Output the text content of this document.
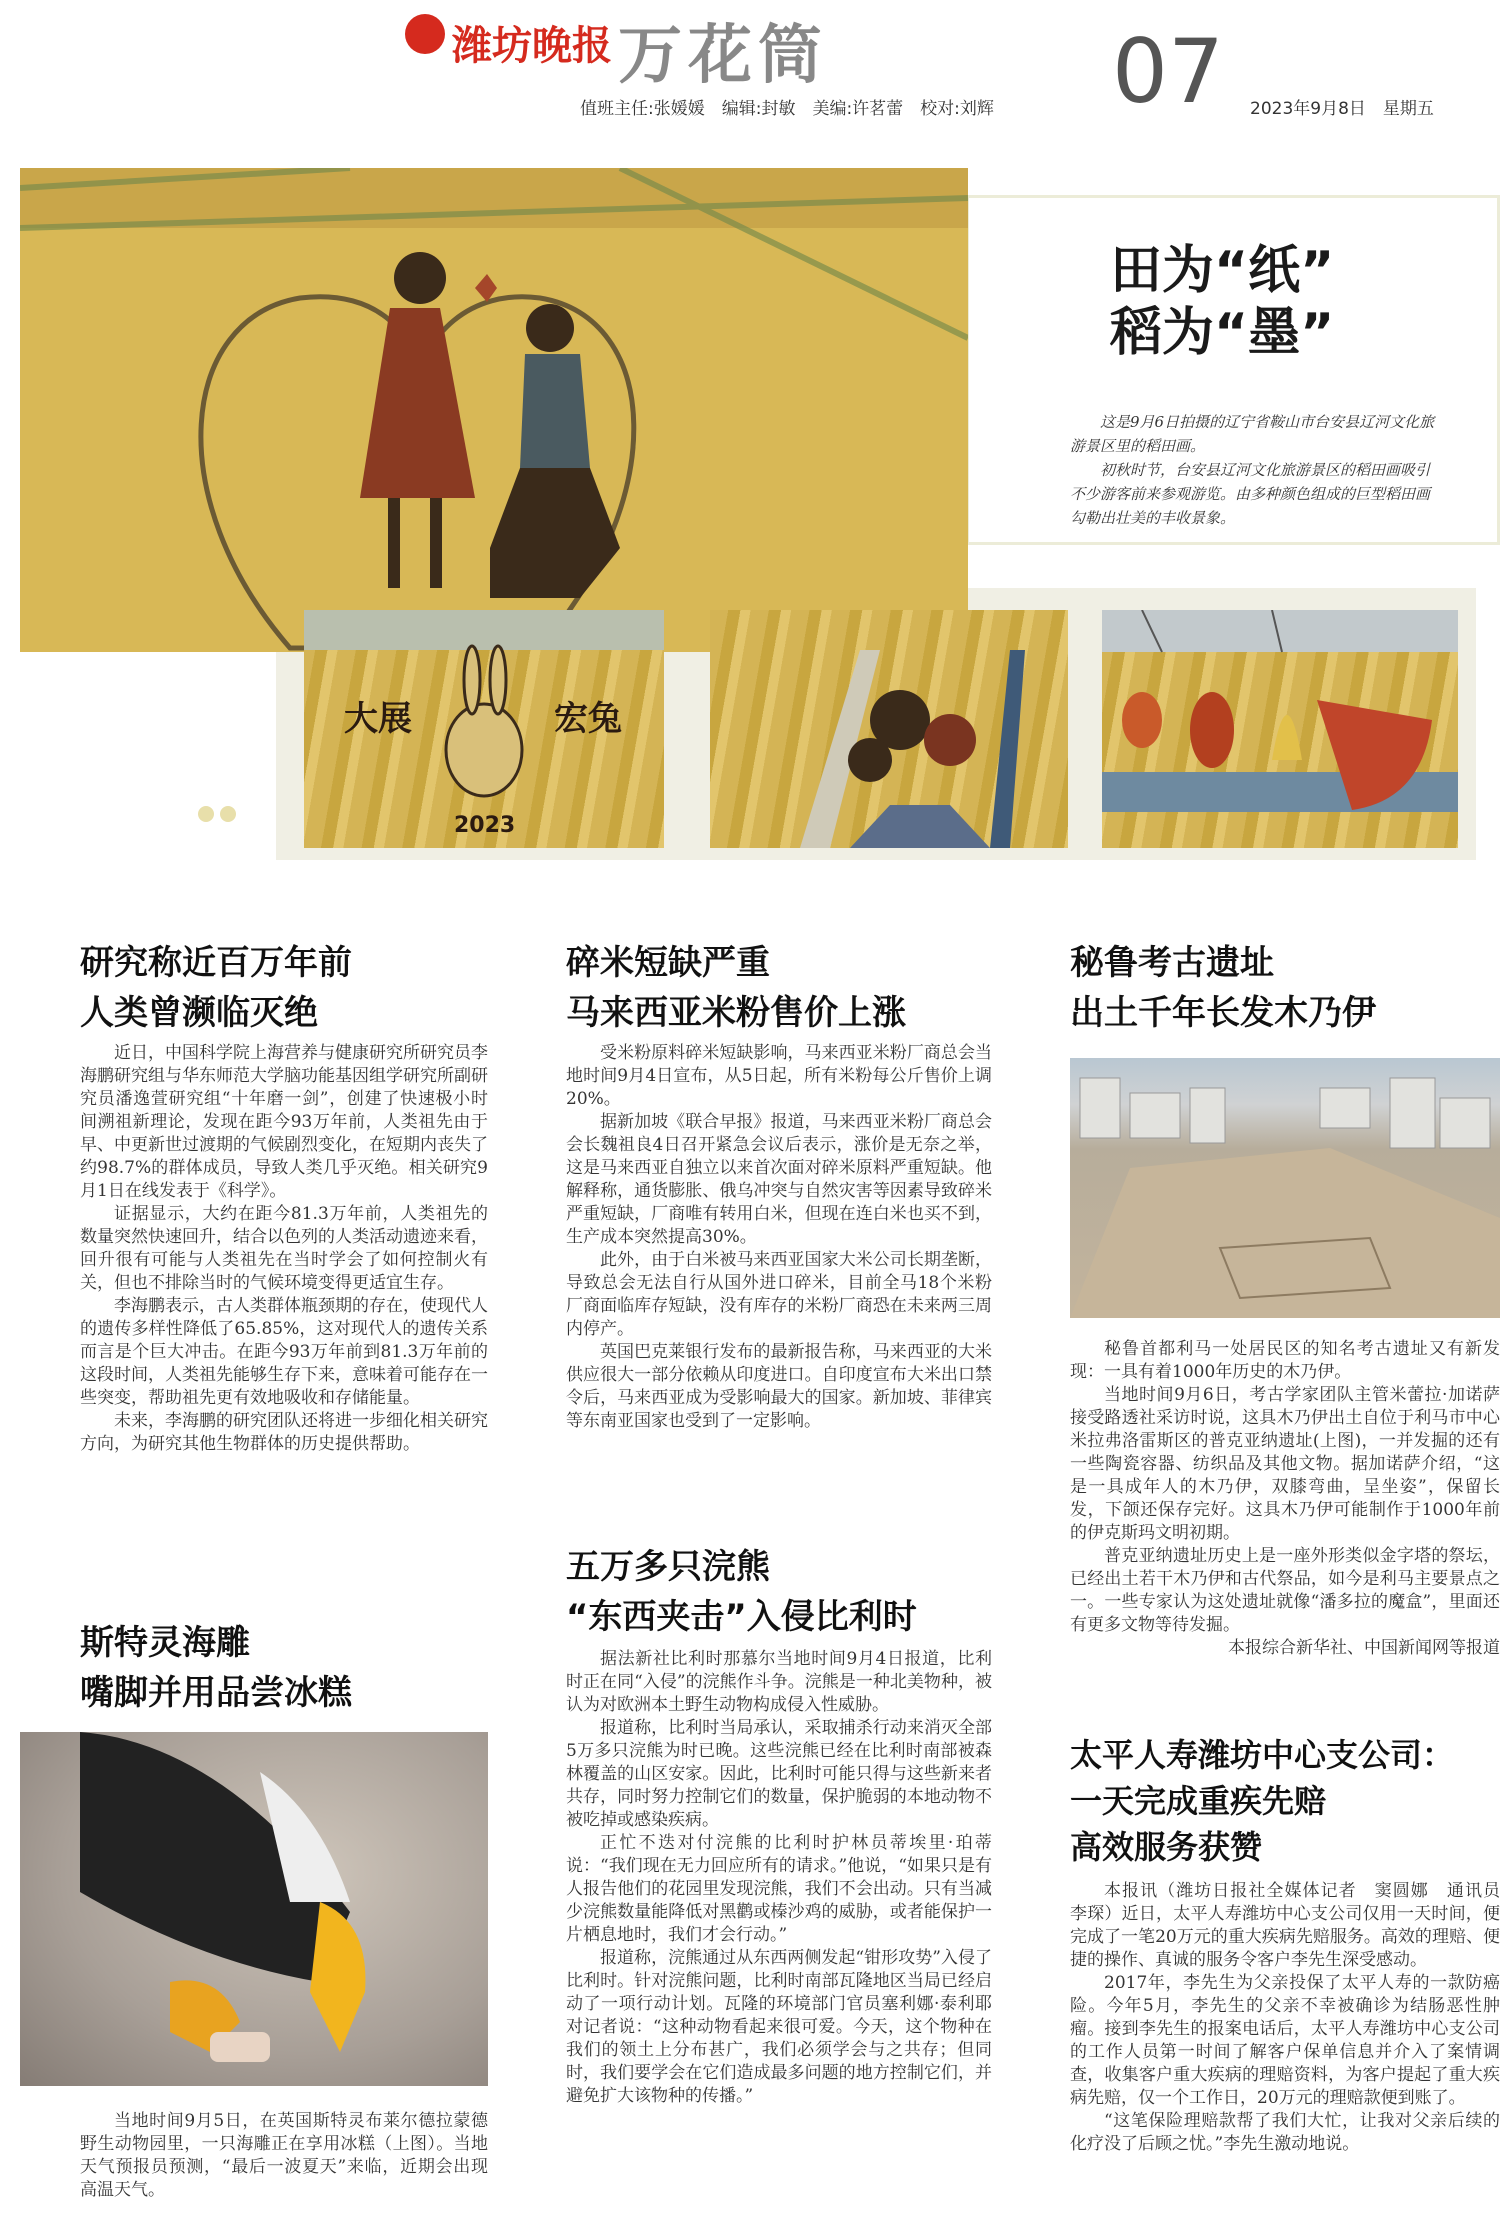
潍坊晚报 万花筒
值班主任:张媛媛　编辑:封敏　美编:许茗蕾　校对:刘辉 07 2023年9月8日　星期五
田为“纸”
稻为“墨”

这是9月6日拍摄的辽宁省鞍山市台安县辽河文化旅游景区里的稻田画。

初秋时节，台安县辽河文化旅游景区的稻田画吸引不少游客前来参观游览。由多种颜色组成的巨型稻田画勾勒出壮美的丰收景象。

大展	宏兔
2023
研究称近百万年前
人类曾濒临灭绝

近日，中国科学院上海营养与健康研究所研究员李海鹏研究组与华东师范大学脑功能基因组学研究所副研究员潘逸萱研究组“十年磨一剑”，创建了快速极小时间溯祖新理论，发现在距今93万年前，人类祖先由于早、中更新世过渡期的气候剧烈变化，在短期内丧失了约98.7%的群体成员，导致人类几乎灭绝。相关研究9月1日在线发表于《科学》。

证据显示，大约在距今81.3万年前，人类祖先的数量突然快速回升，结合以色列的人类活动遗迹来看，回升很有可能与人类祖先在当时学会了如何控制火有关，但也不排除当时的气候环境变得更适宜生存。

李海鹏表示，古人类群体瓶颈期的存在，使现代人的遗传多样性降低了65.85%，这对现代人的遗传关系而言是个巨大冲击。在距今93万年前到81.3万年前的这段时间，人类祖先能够生存下来，意味着可能存在一些突变，帮助祖先更有效地吸收和存储能量。

未来，李海鹏的研究团队还将进一步细化相关研究方向，为研究其他生物群体的历史提供帮助。

斯特灵海雕
嘴脚并用品尝冰糕

当地时间9月5日，在英国斯特灵布莱尔德拉蒙德野生动物园里，一只海雕正在享用冰糕（上图）。当地天气预报员预测，“最后一波夏天”来临，近期会出现高温天气。

碎米短缺严重
马来西亚米粉售价上涨

受米粉原料碎米短缺影响，马来西亚米粉厂商总会当地时间9月4日宣布，从5日起，所有米粉每公斤售价上调20%。

据新加坡《联合早报》报道，马来西亚米粉厂商总会会长魏祖良4日召开紧急会议后表示，涨价是无奈之举，这是马来西亚自独立以来首次面对碎米原料严重短缺。他解释称，通货膨胀、俄乌冲突与自然灾害等因素导致碎米严重短缺，厂商唯有转用白米，但现在连白米也买不到，生产成本突然提高30%。

此外，由于白米被马来西亚国家大米公司长期垄断，导致总会无法自行从国外进口碎米，目前全马18个米粉厂商面临库存短缺，没有库存的米粉厂商恐在未来两三周内停产。

英国巴克莱银行发布的最新报告称，马来西亚的大米供应很大一部分依赖从印度进口。自印度宣布大米出口禁令后，马来西亚成为受影响最大的国家。新加坡、菲律宾等东南亚国家也受到了一定影响。

五万多只浣熊
“东西夹击”入侵比利时

据法新社比利时那慕尔当地时间9月4日报道，比利时正在同“入侵”的浣熊作斗争。浣熊是一种北美物种，被认为对欧洲本土野生动物构成侵入性威胁。

报道称，比利时当局承认，采取捕杀行动来消灭全部5万多只浣熊为时已晚。这些浣熊已经在比利时南部被森林覆盖的山区安家。因此，比利时可能只得与这些新来者共存，同时努力控制它们的数量，保护脆弱的本地动物不被吃掉或感染疾病。

正忙不迭对付浣熊的比利时护林员蒂埃里·珀蒂说：“我们现在无力回应所有的请求。”他说，“如果只是有人报告他们的花园里发现浣熊，我们不会出动。只有当减少浣熊数量能降低对黑鹳或榛沙鸡的威胁，或者能保护一片栖息地时，我们才会行动。”

报道称，浣熊通过从东西两侧发起“钳形攻势”入侵了比利时。针对浣熊问题，比利时南部瓦隆地区当局已经启动了一项行动计划。瓦隆的环境部门官员塞利娜·泰利耶对记者说：“这种动物看起来很可爱。今天，这个物种在我们的领土上分布甚广，我们必须学会与之共存；但同时，我们要学会在它们造成最多问题的地方控制它们，并避免扩大该物种的传播。”

秘鲁考古遗址
出土千年长发木乃伊

秘鲁首都利马一处居民区的知名考古遗址又有新发现：一具有着1000年历史的木乃伊。

当地时间9月6日，考古学家团队主管米蕾拉·加诺萨接受路透社采访时说，这具木乃伊出土自位于利马市中心米拉弗洛雷斯区的普克亚纳遗址(上图)，一并发掘的还有一些陶瓷容器、纺织品及其他文物。据加诺萨介绍，“这是一具成年人的木乃伊，双膝弯曲，呈坐姿”，保留长发，下颌还保存完好。这具木乃伊可能制作于1000年前的伊克斯玛文明初期。

普克亚纳遗址历史上是一座外形类似金字塔的祭坛，已经出土若干木乃伊和古代祭品，如今是利马主要景点之一。一些专家认为这处遗址就像“潘多拉的魔盒”，里面还有更多文物等待发掘。

本报综合新华社、中国新闻网等报道

太平人寿潍坊中心支公司：
一天完成重疾先赔
高效服务获赞

本报讯（潍坊日报社全媒体记者　窦圆娜　通讯员　李琛）近日，太平人寿潍坊中心支公司仅用一天时间，便完成了一笔20万元的重大疾病先赔服务。高效的理赔、便捷的操作、真诚的服务令客户李先生深受感动。

2017年，李先生为父亲投保了太平人寿的一款防癌险。今年5月，李先生的父亲不幸被确诊为结肠恶性肿瘤。接到李先生的报案电话后，太平人寿潍坊中心支公司的工作人员第一时间了解客户保单信息并介入了案情调查，收集客户重大疾病的理赔资料，为客户提起了重大疾病先赔，仅一个工作日，20万元的理赔款便到账了。

“这笔保险理赔款帮了我们大忙，让我对父亲后续的化疗没了后顾之忧。”李先生激动地说。
